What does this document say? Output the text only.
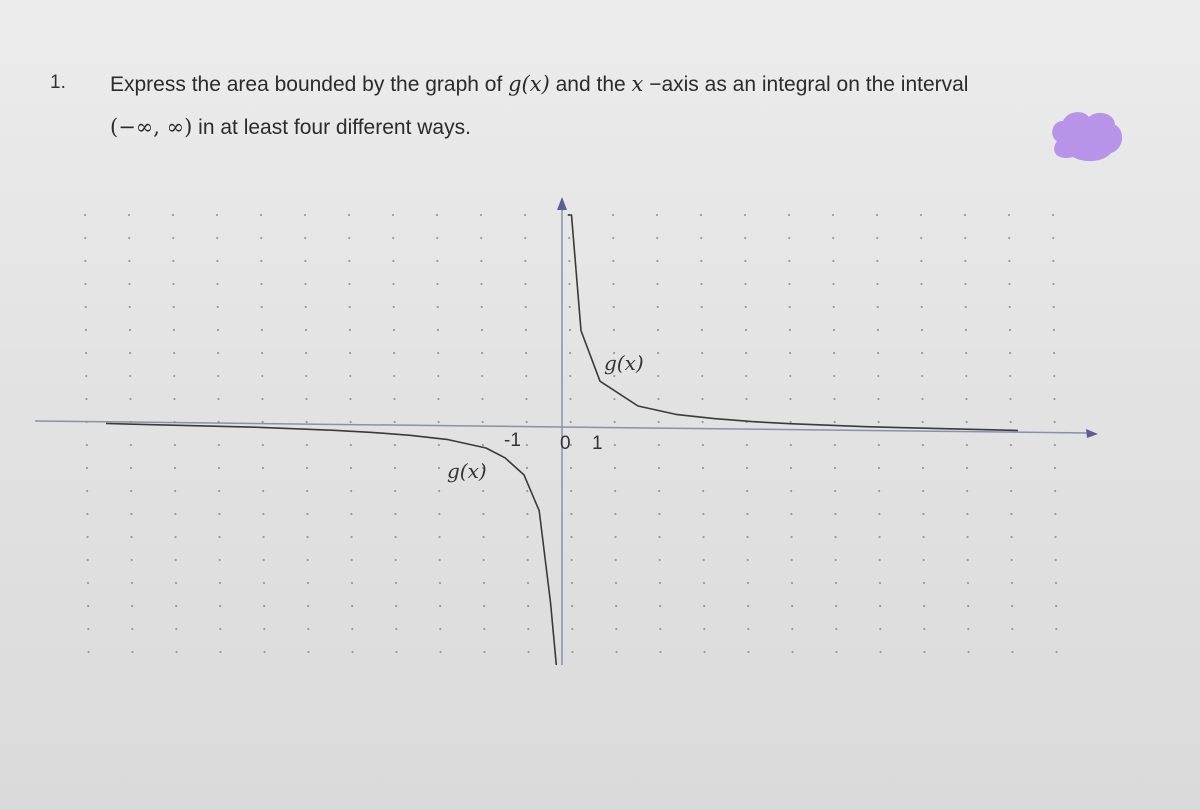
1. Express the area bounded by the graph of g(x) and the x −axis as an integral on the interval
(−∞, ∞) in at least four different ways.
-1 0 1
g(x)
g(x)
